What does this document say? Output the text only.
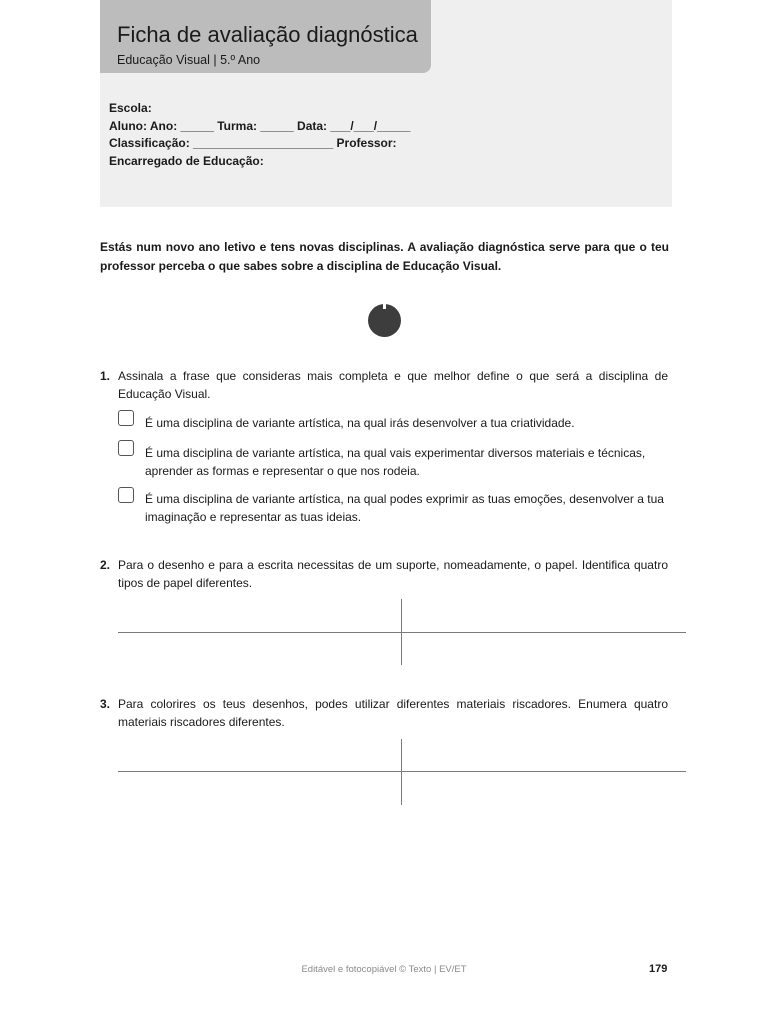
Ficha de avaliação diagnóstica
Educação Visual | 5.º Ano
Escola:
Aluno: Ano: _____ Turma: _____ Data: ___/___/_____
Classificação: _____________________ Professor:
Encarregado de Educação:
Estás num novo ano letivo e tens novas disciplinas. A avaliação diagnóstica serve para que o teu professor perceba o que sabes sobre a disciplina de Educação Visual.
1. Assinala a frase que consideras mais completa e que melhor define o que será a disciplina de Educação Visual.
É uma disciplina de variante artística, na qual irás desenvolver a tua criatividade.
É uma disciplina de variante artística, na qual vais experimentar diversos materiais e técnicas, aprender as formas e representar o que nos rodeia.
É uma disciplina de variante artística, na qual podes exprimir as tuas emoções, desenvolver a tua imaginação e representar as tuas ideias.
2. Para o desenho e para a escrita necessitas de um suporte, nomeadamente, o papel. Identifica quatro tipos de papel diferentes.
3. Para colorires os teus desenhos, podes utilizar diferentes materiais riscadores. Enumera quatro materiais riscadores diferentes.
Editável e fotocopiável © Texto | EV/ET	179
